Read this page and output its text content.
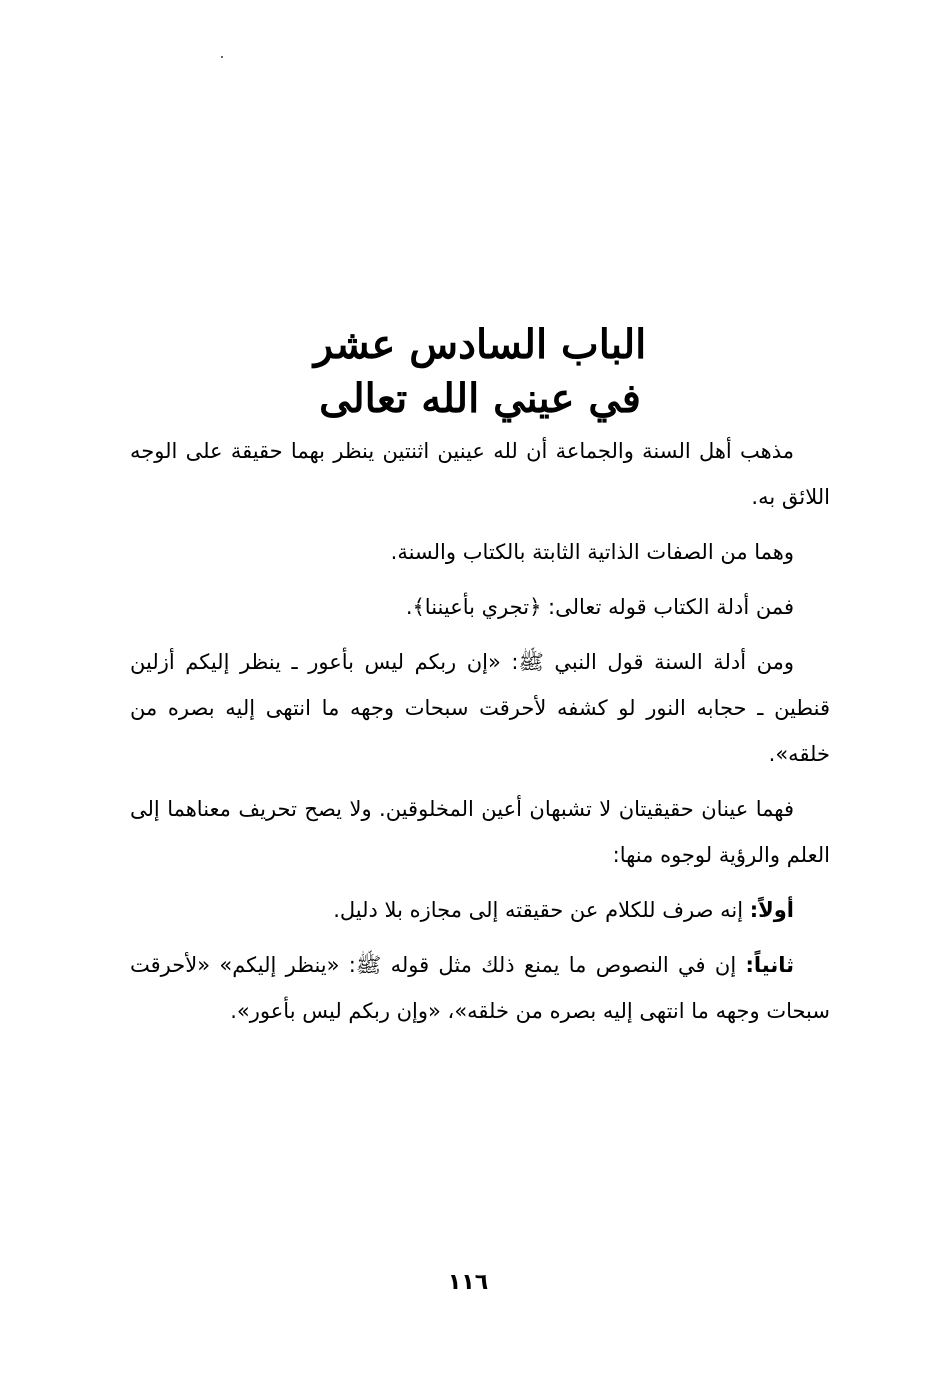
الباب السادس عشر
في عيني الله تعالى

مذهب أهل السنة والجماعة أن لله عينين اثنتين ينظر بهما حقيقة على الوجه اللائق به.

وهما من الصفات الذاتية الثابتة بالكتاب والسنة.

فمن أدلة الكتاب قوله تعالى: ﴿تجري بأعيننا﴾.

ومن أدلة السنة قول النبي ﷺ: «إن ربكم ليس بأعور ـ ينظر إليكم أزلين قنطين ـ حجابه النور لو كشفه لأحرقت سبحات وجهه ما انتهى إليه بصره من خلقه».

فهما عينان حقيقيتان لا تشبهان أعين المخلوقين. ولا يصح تحريف معناهما إلى العلم والرؤية لوجوه منها:

أولاً: إنه صرف للكلام عن حقيقته إلى مجازه بلا دليل.

ثانياً: إن في النصوص ما يمنع ذلك مثل قوله ﷺ: «ينظر إليكم» «لأحرقت سبحات وجهه ما انتهى إليه بصره من خلقه»، «وإن ربكم ليس بأعور».

١١٦
